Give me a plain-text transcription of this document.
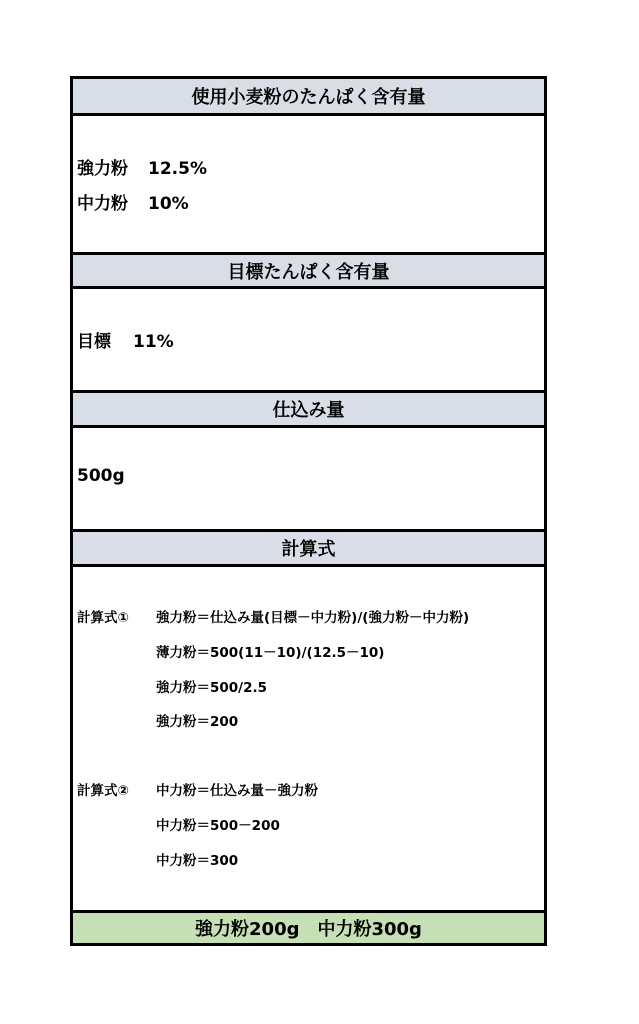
使用小麦粉のたんぱく含有量
強力粉 12.5%
中力粉 10%
目標たんぱく含有量
目標 11%
仕込み量
500g
計算式
計算式① 強力粉＝仕込み量(目標－中力粉)/(強力粉－中力粉)
薄力粉＝500(11－10)/(12.5－10)
強力粉＝500/2.5
強力粉＝200
計算式② 中力粉＝仕込み量－強力粉
中力粉＝500－200
中力粉＝300
強力粉200g　中力粉300g
